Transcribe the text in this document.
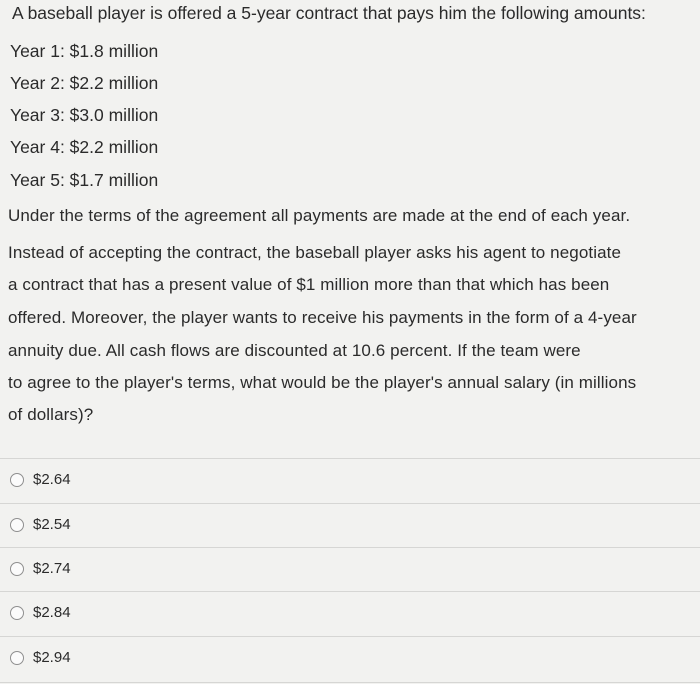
A baseball player is offered a 5-year contract that pays him the following amounts:
Year 1: $1.8 million
Year 2: $2.2 million
Year 3: $3.0 million
Year 4: $2.2 million
Year 5: $1.7 million
Under the terms of the agreement all payments are made at the end of each year.
Instead of accepting the contract, the baseball player asks his agent to negotiate
a contract that has a present value of $1 million more than that which has been
offered. Moreover, the player wants to receive his payments in the form of a 4-year
annuity due. All cash flows are discounted at 10.6 percent. If the team were
to agree to the player's terms, what would be the player's annual salary (in millions
of dollars)?
$2.64
$2.54
$2.74
$2.84
$2.94
